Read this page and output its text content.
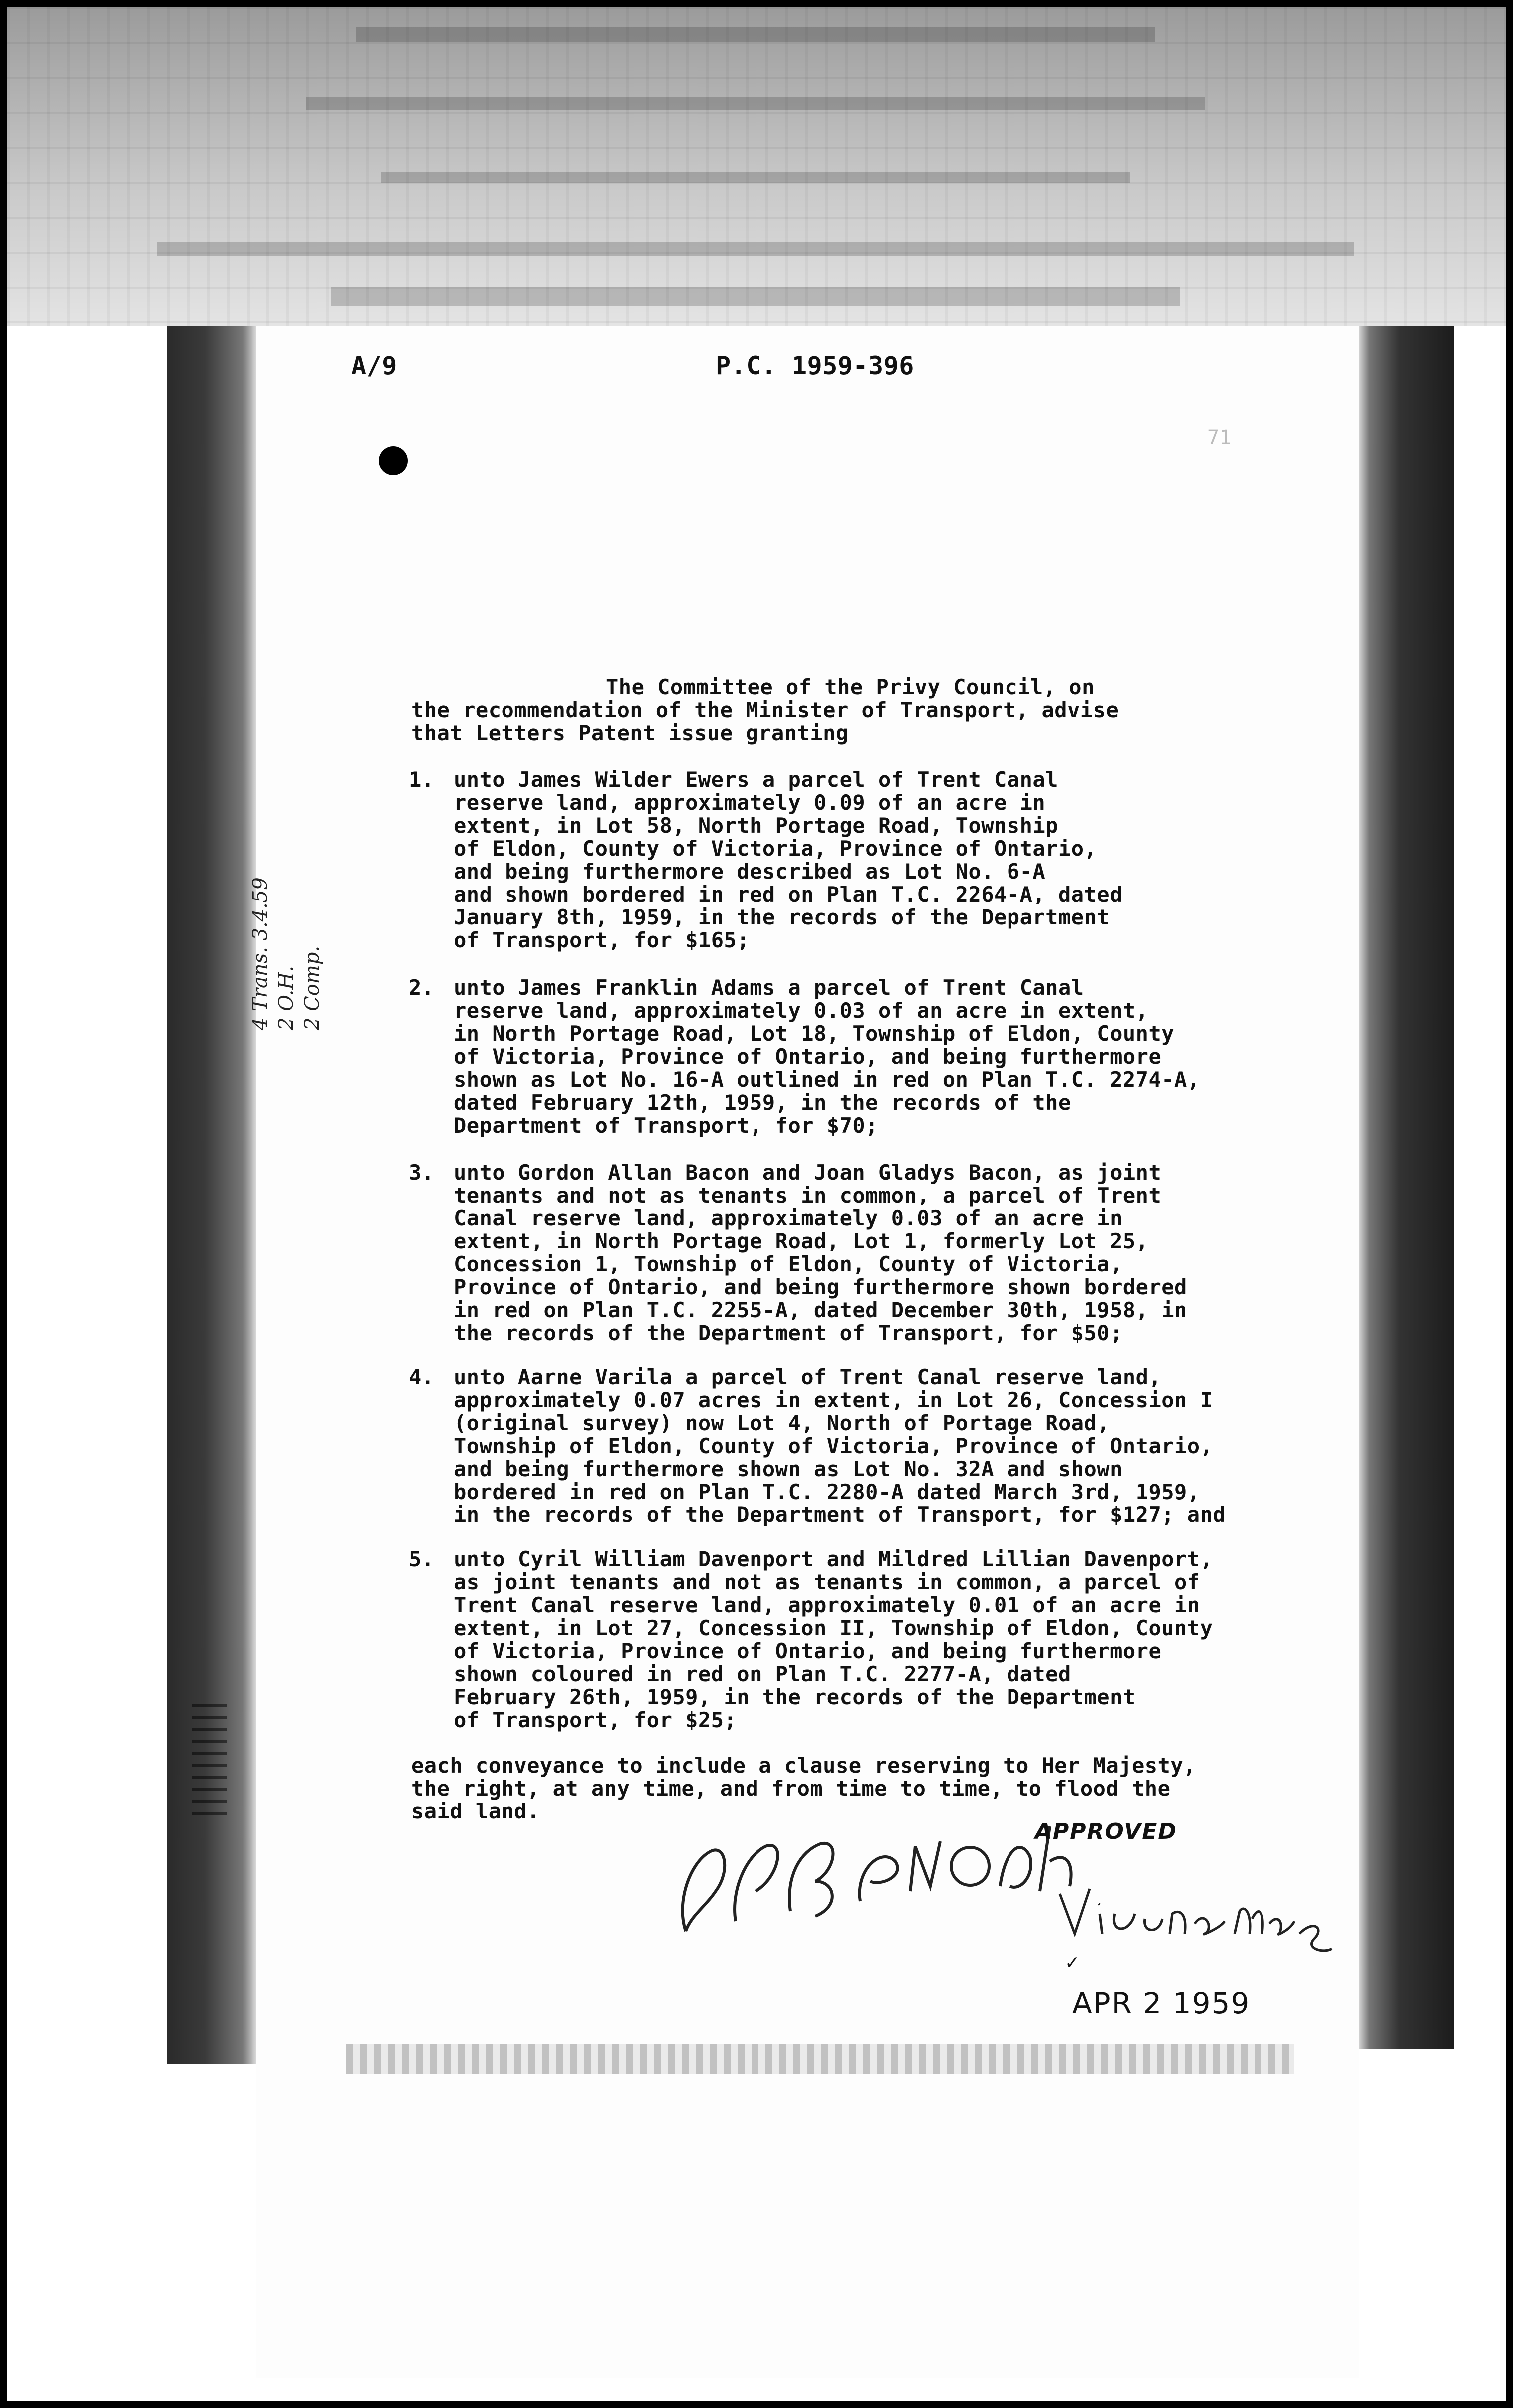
A/9	P.C. 1959-396
71
The Committee of the Privy Council, on
the recommendation of the Minister of Transport, advise
that Letters Patent issue granting
1. unto James Wilder Ewers a parcel of Trent Canal
reserve land, approximately 0.09 of an acre in
extent, in Lot 58, North Portage Road, Township
of Eldon, County of Victoria, Province of Ontario,
and being furthermore described as Lot No. 6-A
and shown bordered in red on Plan T.C. 2264-A, dated
January 8th, 1959, in the records of the Department
of Transport, for $165;
2. unto James Franklin Adams a parcel of Trent Canal
reserve land, approximately 0.03 of an acre in extent,
in North Portage Road, Lot 18, Township of Eldon, County
of Victoria, Province of Ontario, and being furthermore
shown as Lot No. 16-A outlined in red on Plan T.C. 2274-A,
dated February 12th, 1959, in the records of the
Department of Transport, for $70;
3. unto Gordon Allan Bacon and Joan Gladys Bacon, as joint
tenants and not as tenants in common, a parcel of Trent
Canal reserve land, approximately 0.03 of an acre in
extent, in North Portage Road, Lot 1, formerly Lot 25,
Concession 1, Township of Eldon, County of Victoria,
Province of Ontario, and being furthermore shown bordered
in red on Plan T.C. 2255-A, dated December 30th, 1958, in
the records of the Department of Transport, for $50;
4. unto Aarne Varila a parcel of Trent Canal reserve land,
approximately 0.07 acres in extent, in Lot 26, Concession I
(original survey) now Lot 4, North of Portage Road,
Township of Eldon, County of Victoria, Province of Ontario,
and being furthermore shown as Lot No. 32A and shown
bordered in red on Plan T.C. 2280-A dated March 3rd, 1959,
in the records of the Department of Transport, for $127; and
5. unto Cyril William Davenport and Mildred Lillian Davenport,
as joint tenants and not as tenants in common, a parcel of
Trent Canal reserve land, approximately 0.01 of an acre in
extent, in Lot 27, Concession II, Township of Eldon, County
of Victoria, Province of Ontario, and being furthermore
shown coloured in red on Plan T.C. 2277-A, dated
February 26th, 1959, in the records of the Department
of Transport, for $25;
each conveyance to include a clause reserving to Her Majesty,
the right, at any time, and from time to time, to flood the
said land.
APPROVED
✓
APR 2 1959
4 Trans. 3.4.59 2 O.H. 2 Comp.
